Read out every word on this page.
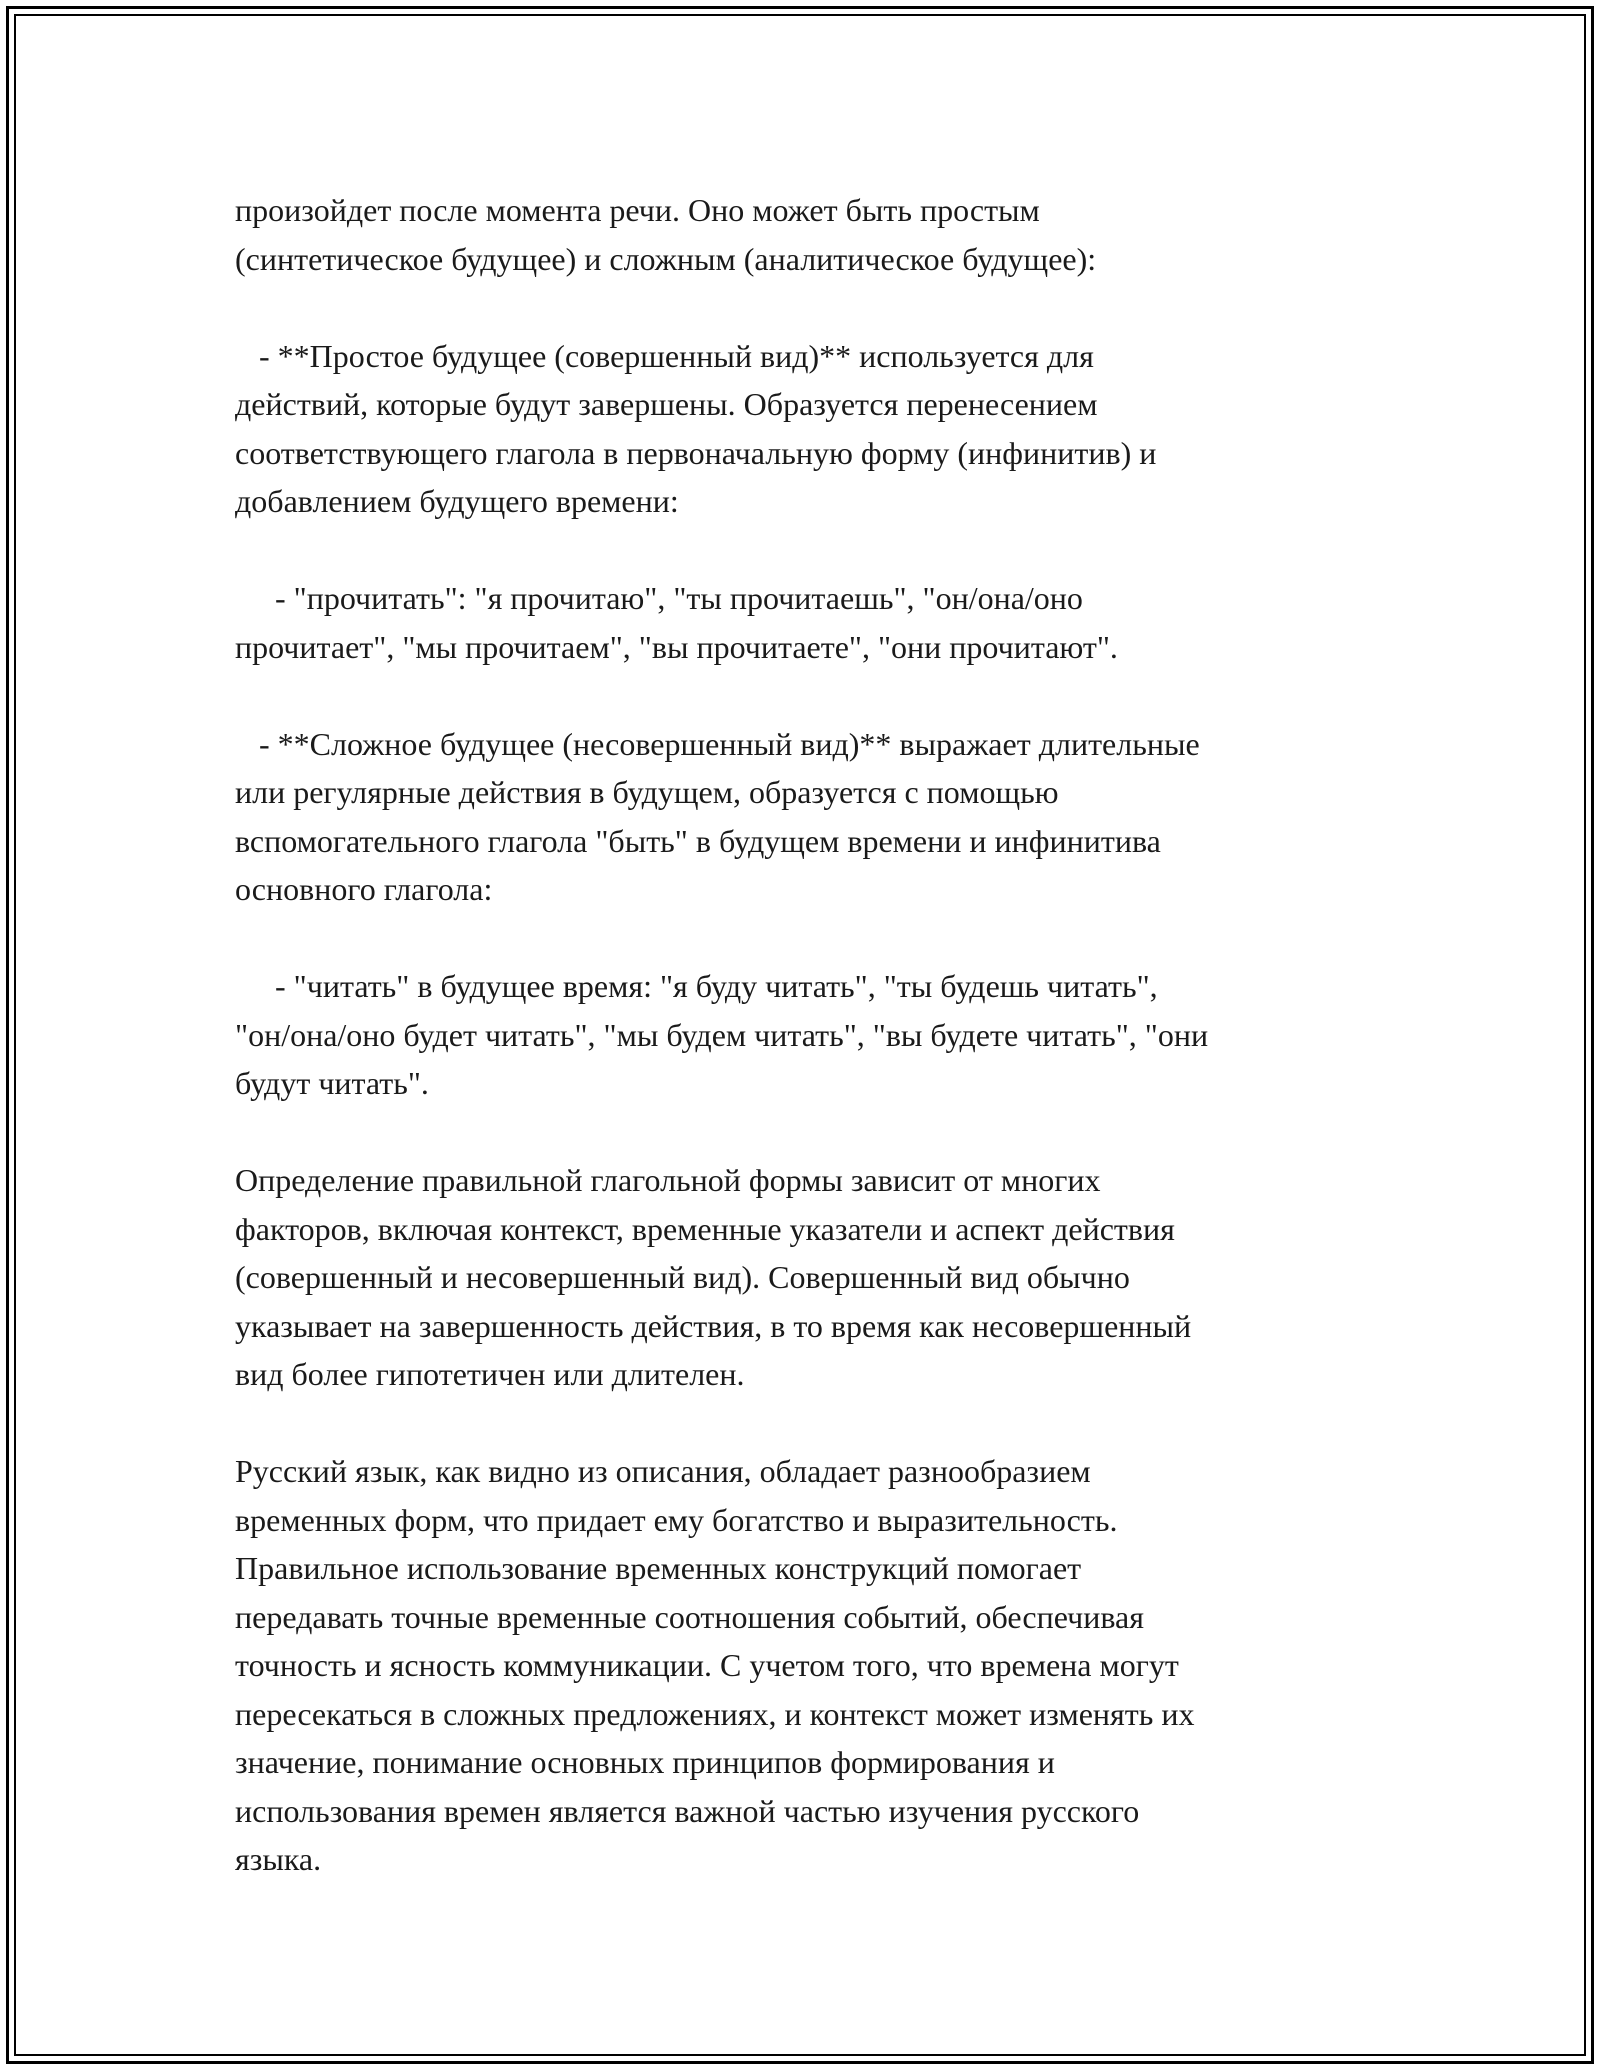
произойдет после момента речи. Оно может быть простым
(синтетическое будущее) и сложным (аналитическое будущее):

- **Простое будущее (совершенный вид)** используется для
действий, которые будут завершены. Образуется перенесением
соответствующего глагола в первоначальную форму (инфинитив) и
добавлением будущего времени:

- "прочитать": "я прочитаю", "ты прочитаешь", "он/она/оно
прочитает", "мы прочитаем", "вы прочитаете", "они прочитают".

- **Сложное будущее (несовершенный вид)** выражает длительные
или регулярные действия в будущем, образуется с помощью
вспомогательного глагола "быть" в будущем времени и инфинитива
основного глагола:

- "читать" в будущее время: "я буду читать", "ты будешь читать",
"он/она/оно будет читать", "мы будем читать", "вы будете читать", "они
будут читать".

Определение правильной глагольной формы зависит от многих
факторов, включая контекст, временные указатели и аспект действия
(совершенный и несовершенный вид). Совершенный вид обычно
указывает на завершенность действия, в то время как несовершенный
вид более гипотетичен или длителен.

Русский язык, как видно из описания, обладает разнообразием
временных форм, что придает ему богатство и выразительность.
Правильное использование временных конструкций помогает
передавать точные временные соотношения событий, обеспечивая
точность и ясность коммуникации. С учетом того, что времена могут
пересекаться в сложных предложениях, и контекст может изменять их
значение, понимание основных принципов формирования и
использования времен является важной частью изучения русского
языка.
